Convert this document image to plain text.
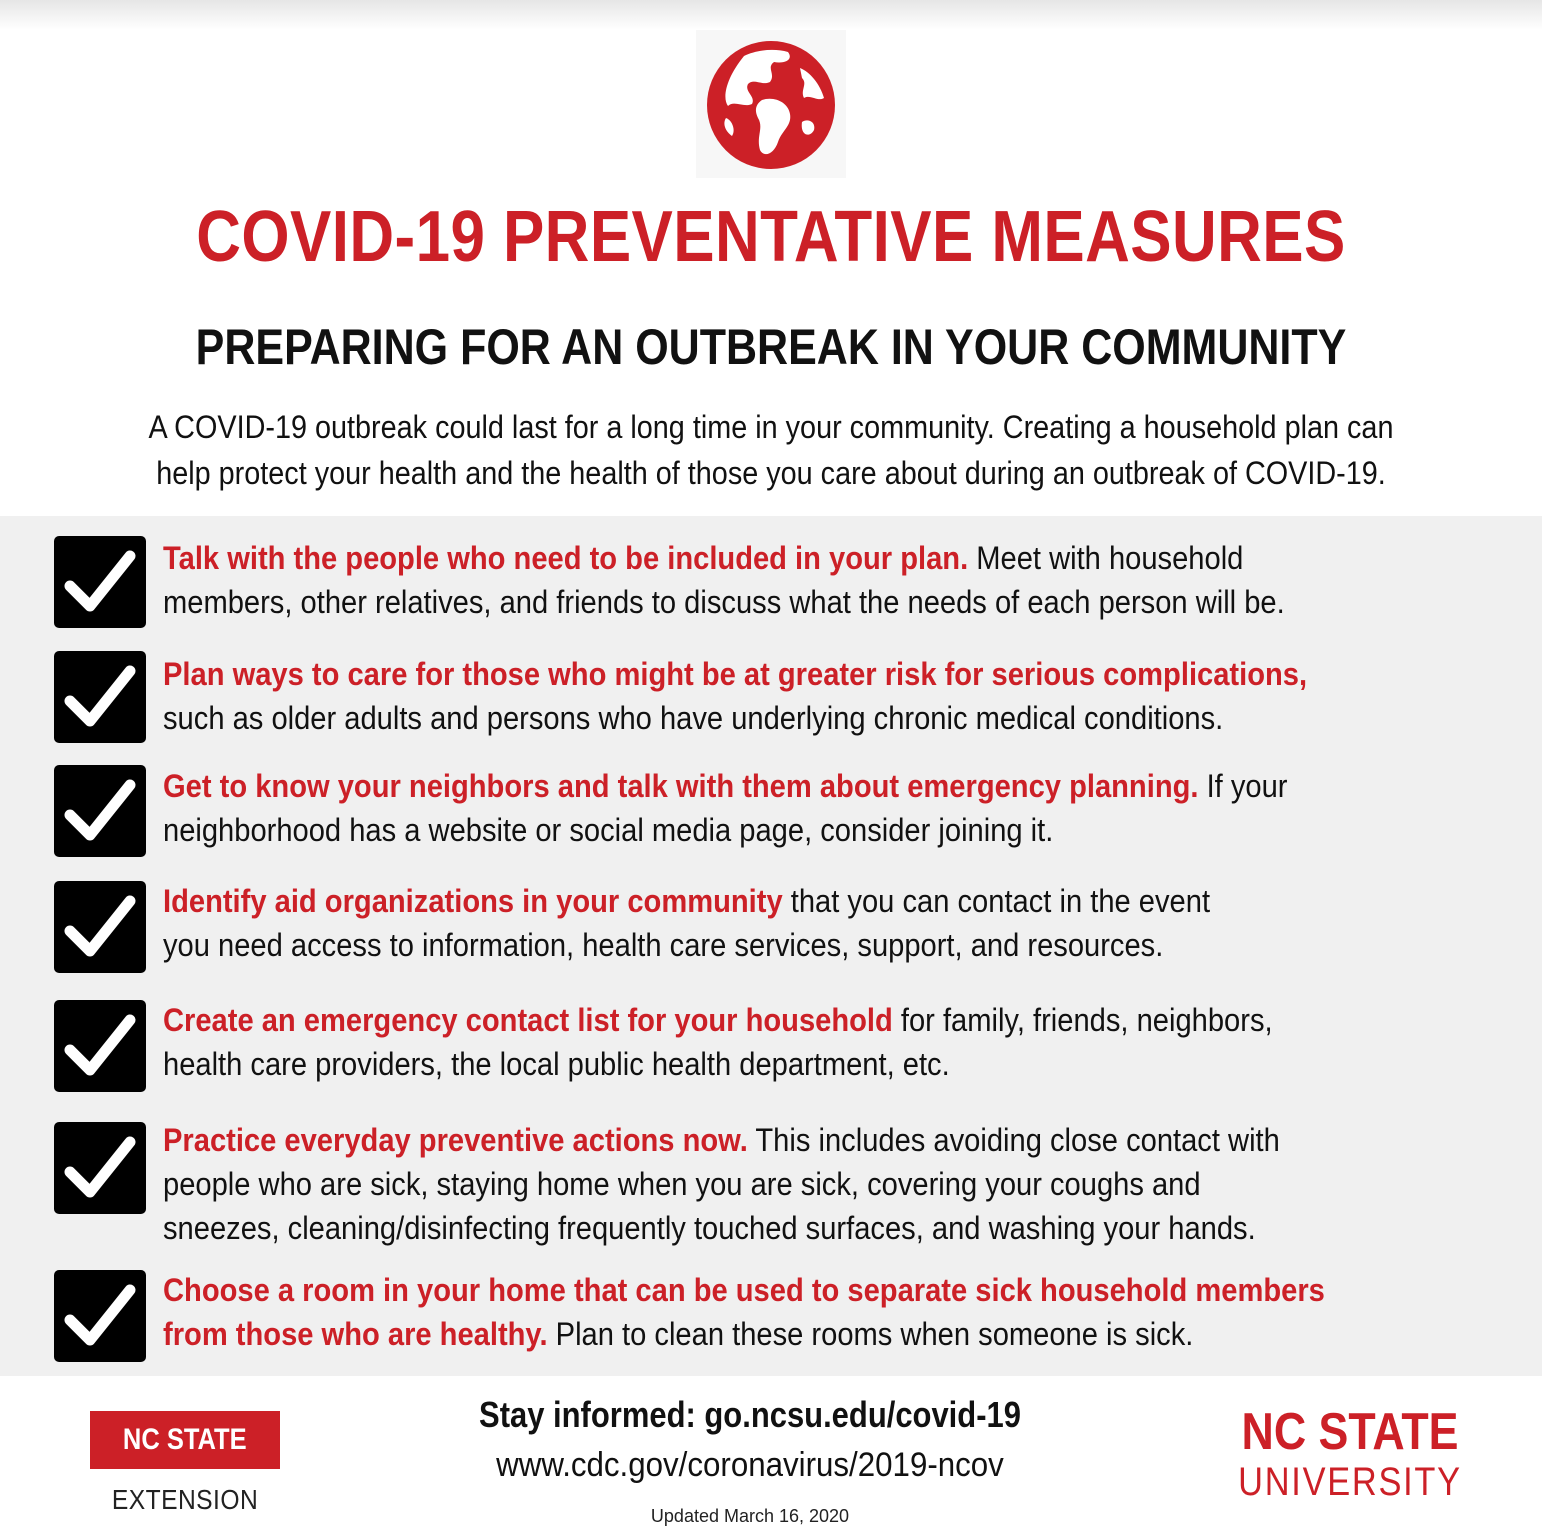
COVID-19 PREVENTATIVE MEASURES
PREPARING FOR AN OUTBREAK IN YOUR COMMUNITY
A COVID-19 outbreak could last for a long time in your community. Creating a household plan can
help protect your health and the health of those you care about during an outbreak of COVID-19.
Talk with the people who need to be included in your plan. Meet with household
members, other relatives, and friends to discuss what the needs of each person will be.
Plan ways to care for those who might be at greater risk for serious complications,
such as older adults and persons who have underlying chronic medical conditions.
Get to know your neighbors and talk with them about emergency planning. If your
neighborhood has a website or social media page, consider joining it.
Identify aid organizations in your community that you can contact in the event
you need access to information, health care services, support, and resources.
Create an emergency contact list for your household for family, friends, neighbors,
health care providers, the local public health department, etc.
Practice everyday preventive actions now. This includes avoiding close contact with
people who are sick, staying home when you are sick, covering your coughs and
sneezes, cleaning/disinfecting frequently touched surfaces, and washing your hands.
Choose a room in your home that can be used to separate sick household members
from those who are healthy. Plan to clean these rooms when someone is sick.
NC STATE
EXTENSION
Stay informed: go.ncsu.edu/covid-19
www.cdc.gov/coronavirus/2019-ncov
Updated March 16, 2020
NC STATE
UNIVERSITY
